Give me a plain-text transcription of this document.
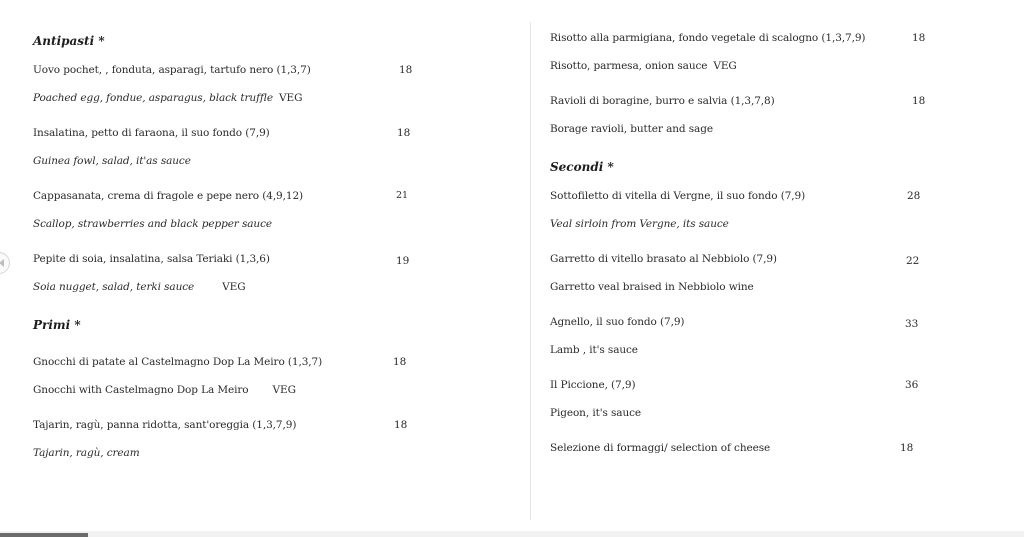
Antipasti *
Uovo pochet, , fonduta, asparagi, tartufo nero (1,3,7)	18
Poached egg, fondue, asparagus, black truffle VEG
Insalatina, petto di faraona, il suo fondo (7,9)	18
Guinea fowl, salad, it'as sauce
Cappasanata, crema di fragole e pepe nero (4,9,12)	21
Scallop, strawberries and black pepper sauce
Pepite di soia, insalatina, salsa Teriaki (1,3,6)	19
Soia nugget, salad, terki sauce	VEG
Primi *
Gnocchi di patate al Castelmagno Dop La Meiro (1,3,7)	18
Gnocchi with Castelmagno Dop La Meiro VEG
Tajarin, ragù, panna ridotta, sant'oreggia (1,3,7,9)	18
Tajarin, ragù, cream
Risotto alla parmigiana, fondo vegetale di scalogno (1,3,7,9)	18
Risotto, parmesa, onion sauce VEG
Ravioli di boragine, burro e salvia (1,3,7,8)	18
Borage ravioli, butter and sage
Secondi *
Sottofiletto di vitella di Vergne, il suo fondo (7,9)	28
Veal sirloin from Vergne, its sauce
Garretto di vitello brasato al Nebbiolo (7,9)	22
Garretto veal braised in Nebbiolo wine
Agnello, il suo fondo (7,9)	33
Lamb , it's sauce
Il Piccione, (7,9)	36
Pigeon, it's sauce
Selezione di formaggi/ selection of cheese	18
